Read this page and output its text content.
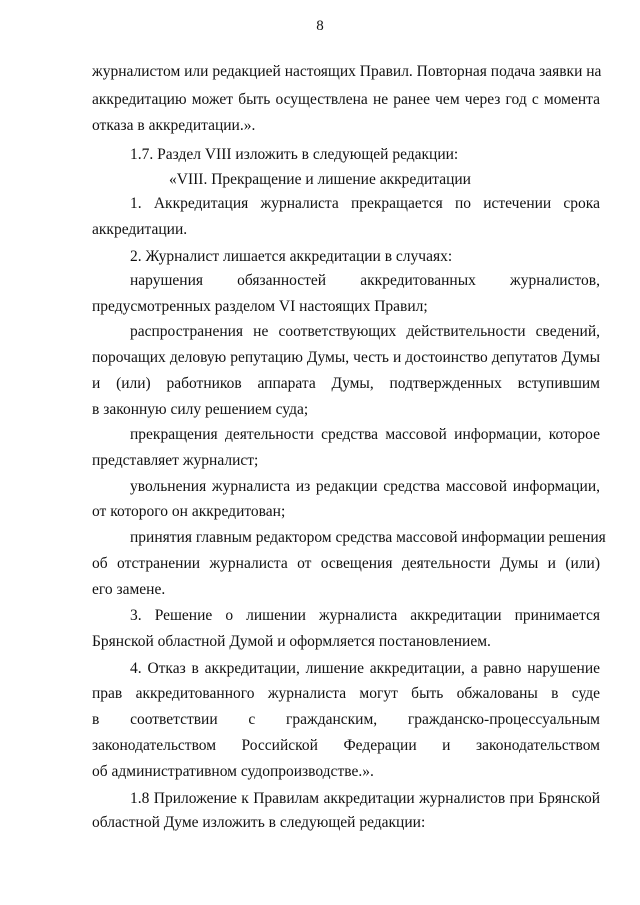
8
журналистом или редакцией настоящих Правил. Повторная подача заявки на
аккредитацию может быть осуществлена не ранее чем через год с момента
отказа в аккредитации.».
1.7. Раздел VIII изложить в следующей редакции:
«VIII. Прекращение и лишение аккредитации
1. Аккредитация журналиста прекращается по истечении срока
аккредитации.
2. Журналист лишается аккредитации в случаях:
нарушения обязанностей аккредитованных журналистов,
предусмотренных разделом VI настоящих Правил;
распространения не соответствующих действительности сведений,
порочащих деловую репутацию Думы, честь и достоинство депутатов Думы
и (или) работников аппарата Думы, подтвержденных вступившим
в законную силу решением суда;
прекращения деятельности средства массовой информации, которое
представляет журналист;
увольнения журналиста из редакции средства массовой информации,
от которого он аккредитован;
принятия главным редактором средства массовой информации решения
об отстранении журналиста от освещения деятельности Думы и (или)
его замене.
3. Решение о лишении журналиста аккредитации принимается
Брянской областной Думой и оформляется постановлением.
4. Отказ в аккредитации, лишение аккредитации, а равно нарушение
прав аккредитованного журналиста могут быть обжалованы в суде
в соответствии с гражданским, гражданско-процессуальным
законодательством Российской Федерации и законодательством
об административном судопроизводстве.».
1.8 Приложение к Правилам аккредитации журналистов при Брянской
областной Думе изложить в следующей редакции:
